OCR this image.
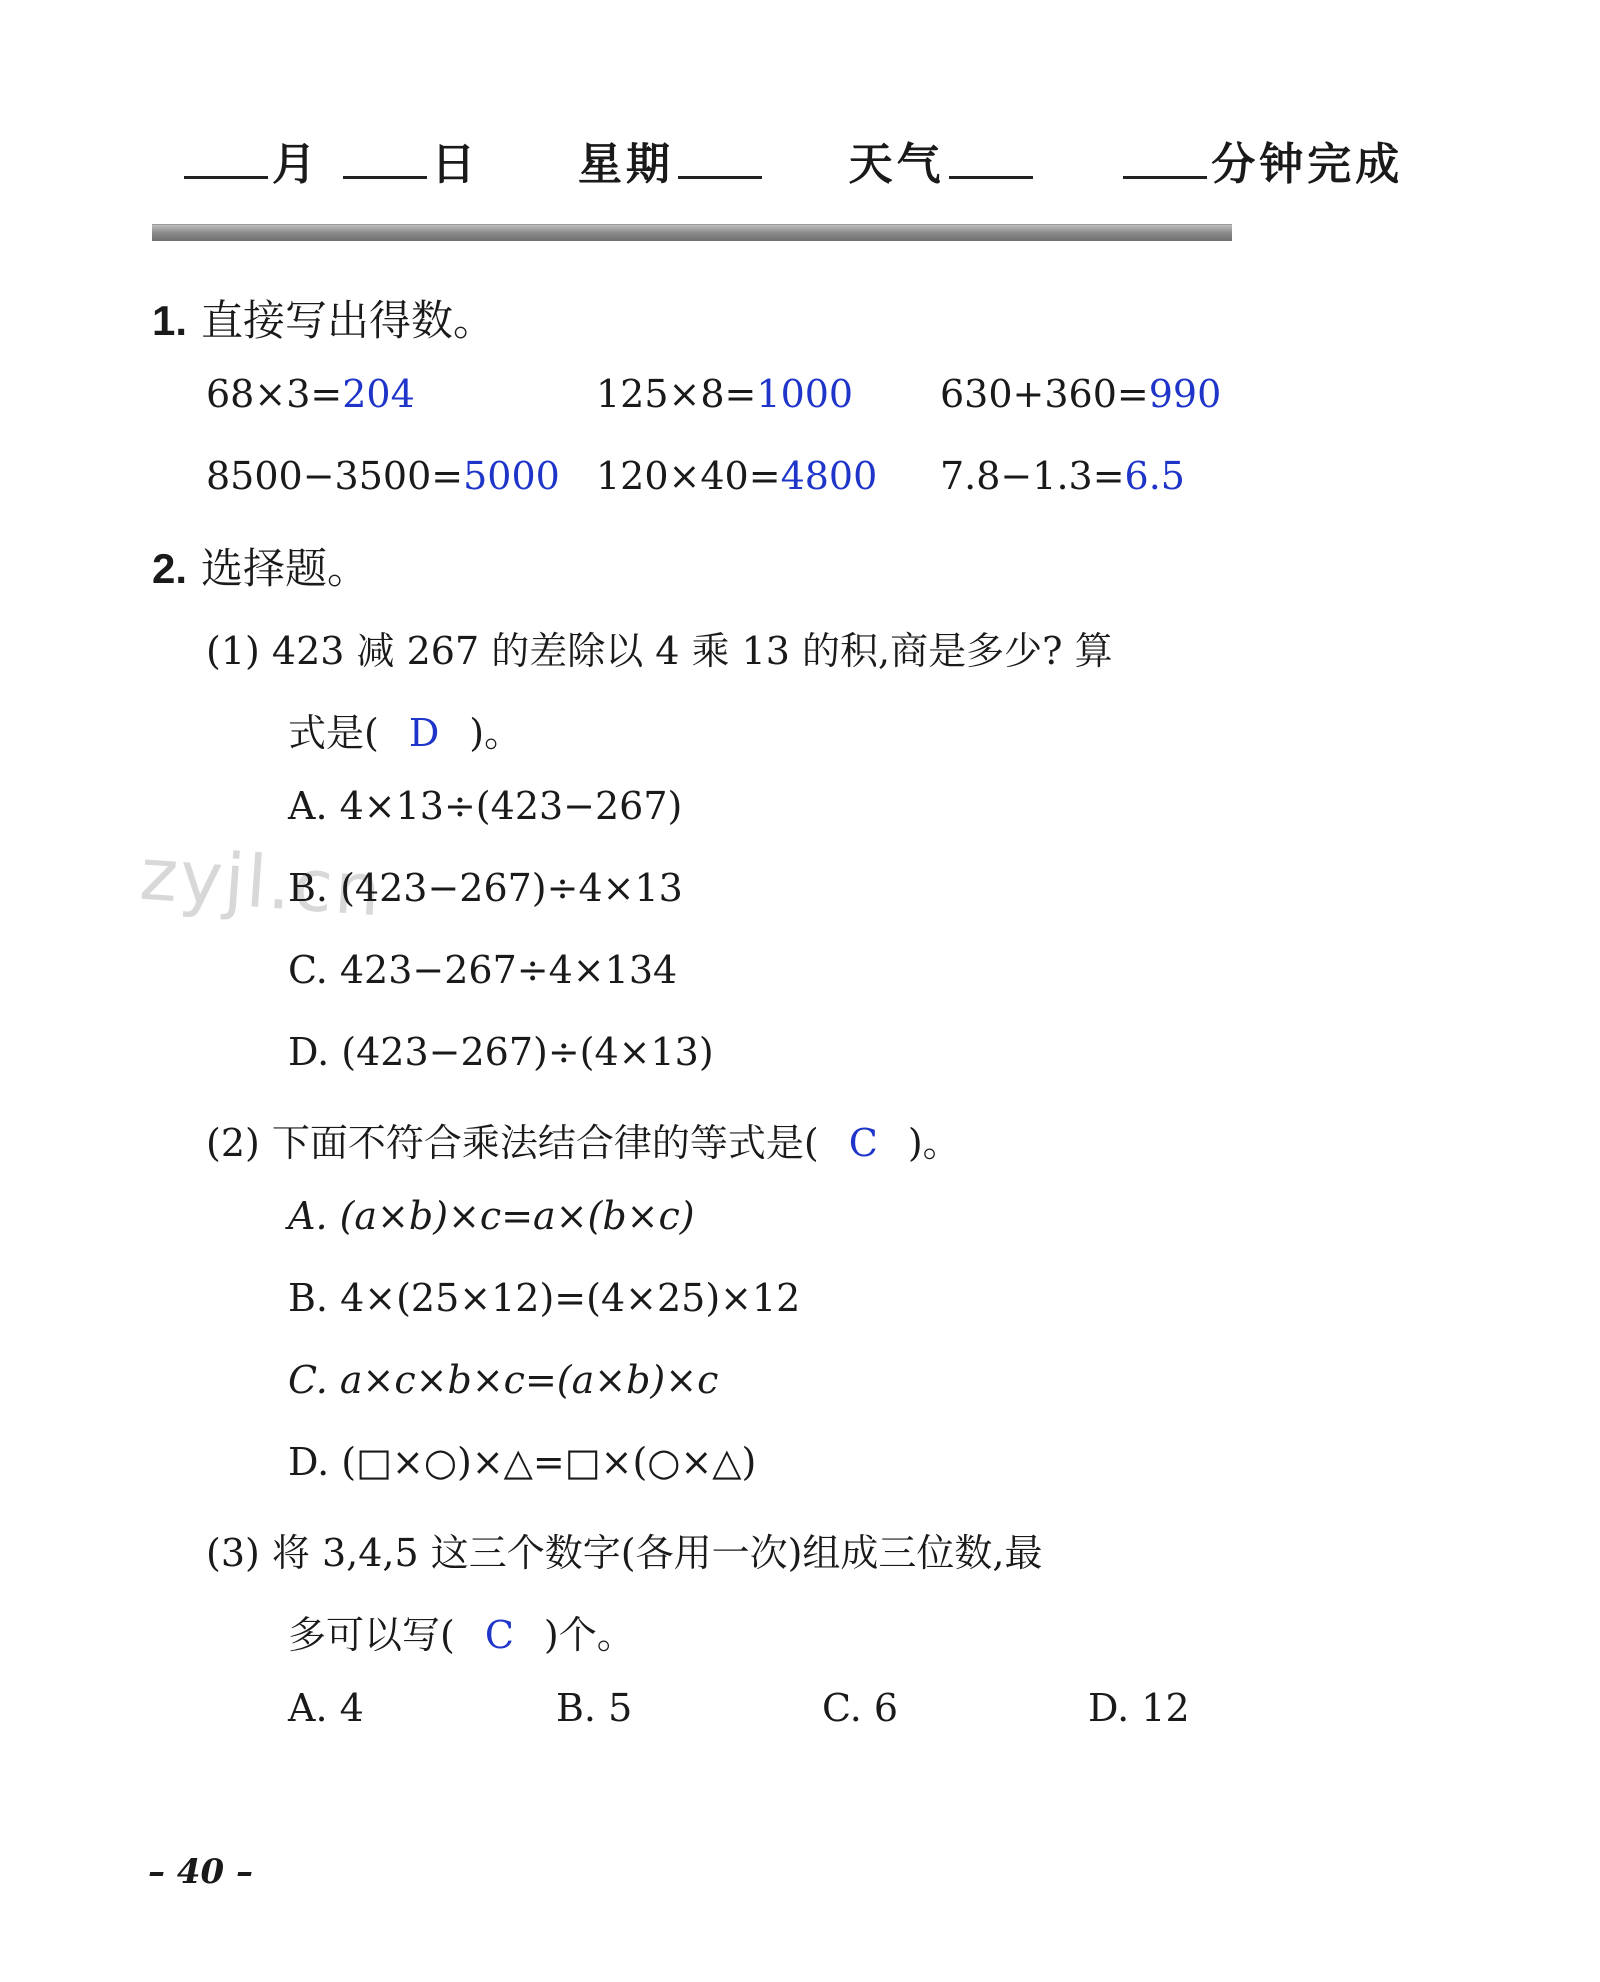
月	日 星期	天气	分钟完成
1. 直接写出得数。
68×3=204	125×8=1000 630+360=990
8500−3500=5000 120×40=4800 7.8−1.3=6.5
2. 选择题。
(1) 423 减 267 的差除以 4 乘 13 的积,商是多少? 算
式是( D )。
A. 4×13÷(423−267)
zyjl.cn
B. (423−267)÷4×13
C. 423−267÷4×134
D. (423−267)÷(4×13)
(2) 下面不符合乘法结合律的等式是( C )。
A. (a×b)×c=a×(b×c)
B. 4×(25×12)=(4×25)×12
C. a×c×b×c=(a×b)×c
D. (□×○)×△=□×(○×△)
(3) 将 3,4,5 这三个数字(各用一次)组成三位数,最
多可以写( C )个。
A. 4	B. 5	C. 6	D. 12
– 40 –
